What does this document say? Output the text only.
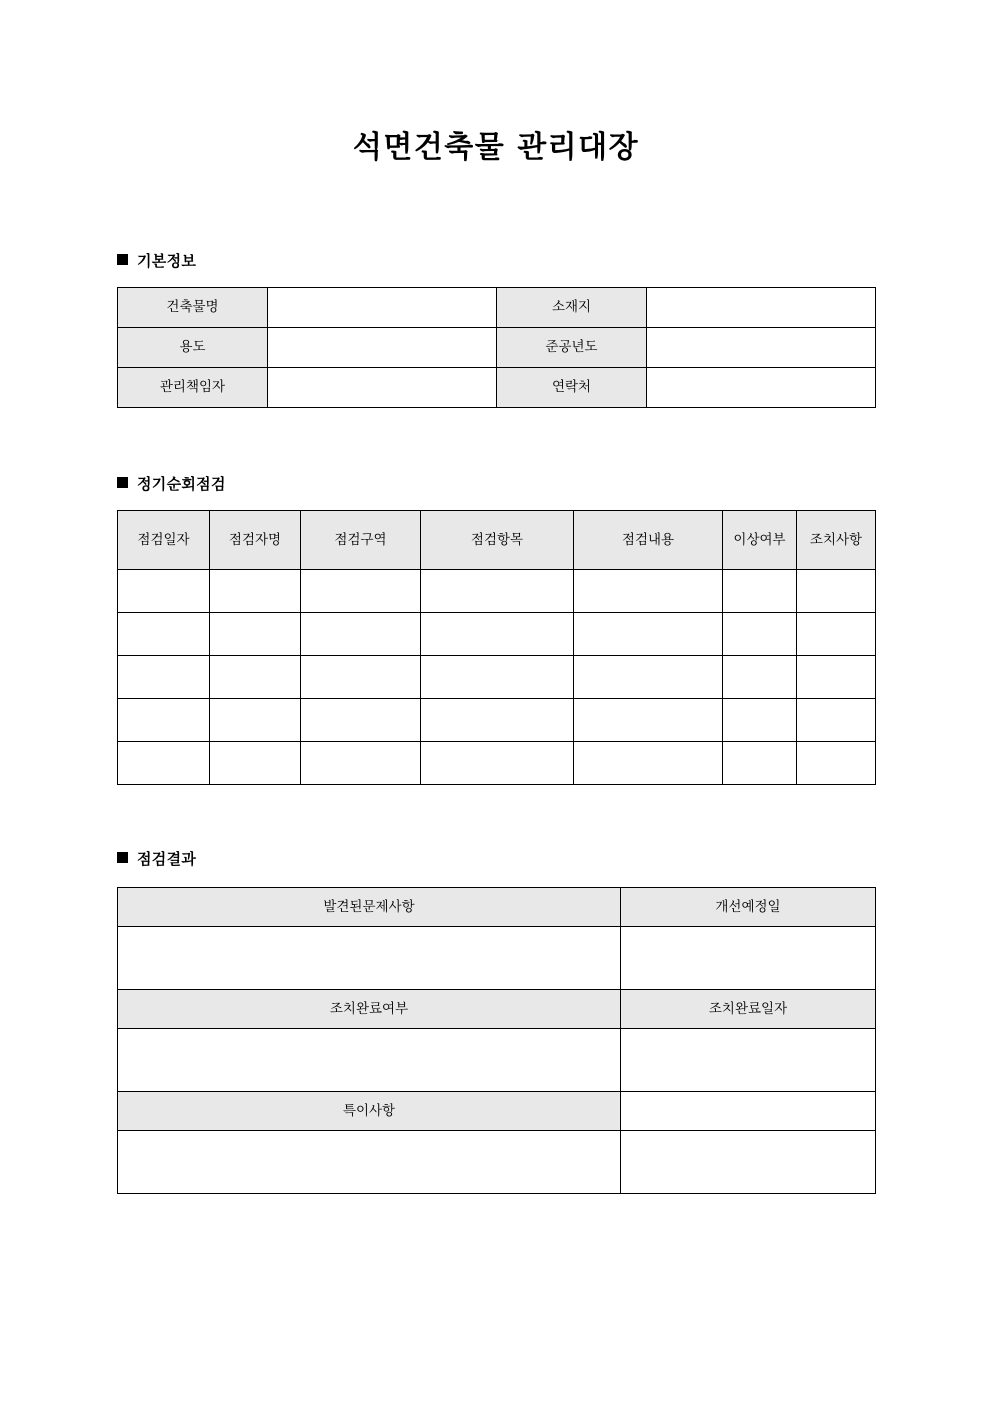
석면건축물 관리대장
기본정보
건축물명		소재지	
용도		준공년도	
관리책임자		연락처	
정기순회점검
점검일자	점검자명	점검구역	점검항목	점검내용	이상여부	조치사항

점검결과
발견된문제사항	개선예정일

조치완료여부	조치완료일자

특이사항	
